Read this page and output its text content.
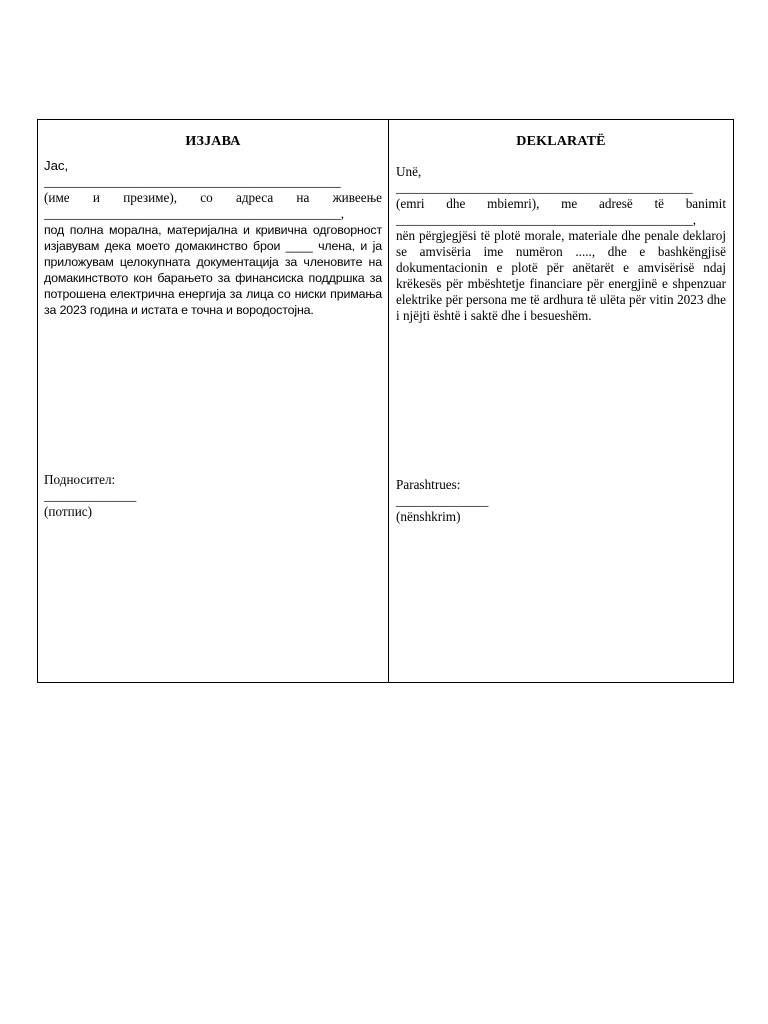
ИЗЈАВА
Јас,
_____________________________________________
(име и презиме), со адреса на живеење
_____________________________________________,
под полна морална, материјална и кривична одговорност изјавувам дека моето домакинство брои ____ члена, и ја приложувам целокупната документација за членовите на домакинството кон барањето за финансиска поддршка за потрошена електрична енергија за лица со ниски примања за 2023 година и истата е точна и вородостојна.
Подносител:
______________
(потпис)
DEKLARATË
Unë,
_____________________________________________
(emri dhe mbiemri), me adresë të banimit
_____________________________________________,
nën përgjegjësi të plotë morale, materiale dhe penale deklaroj se amvisëria ime numëron ....., dhe e bashkëngjisë dokumentacionin e plotë për anëtarët e amvisërisë ndaj krëkesës për mbështetje financiare për energjinë e shpenzuar elektrike për persona me të ardhura të ulëta për vitin 2023 dhe i njëjti është i saktë dhe i besueshëm.
Parashtrues:
______________
(nënshkrim)
